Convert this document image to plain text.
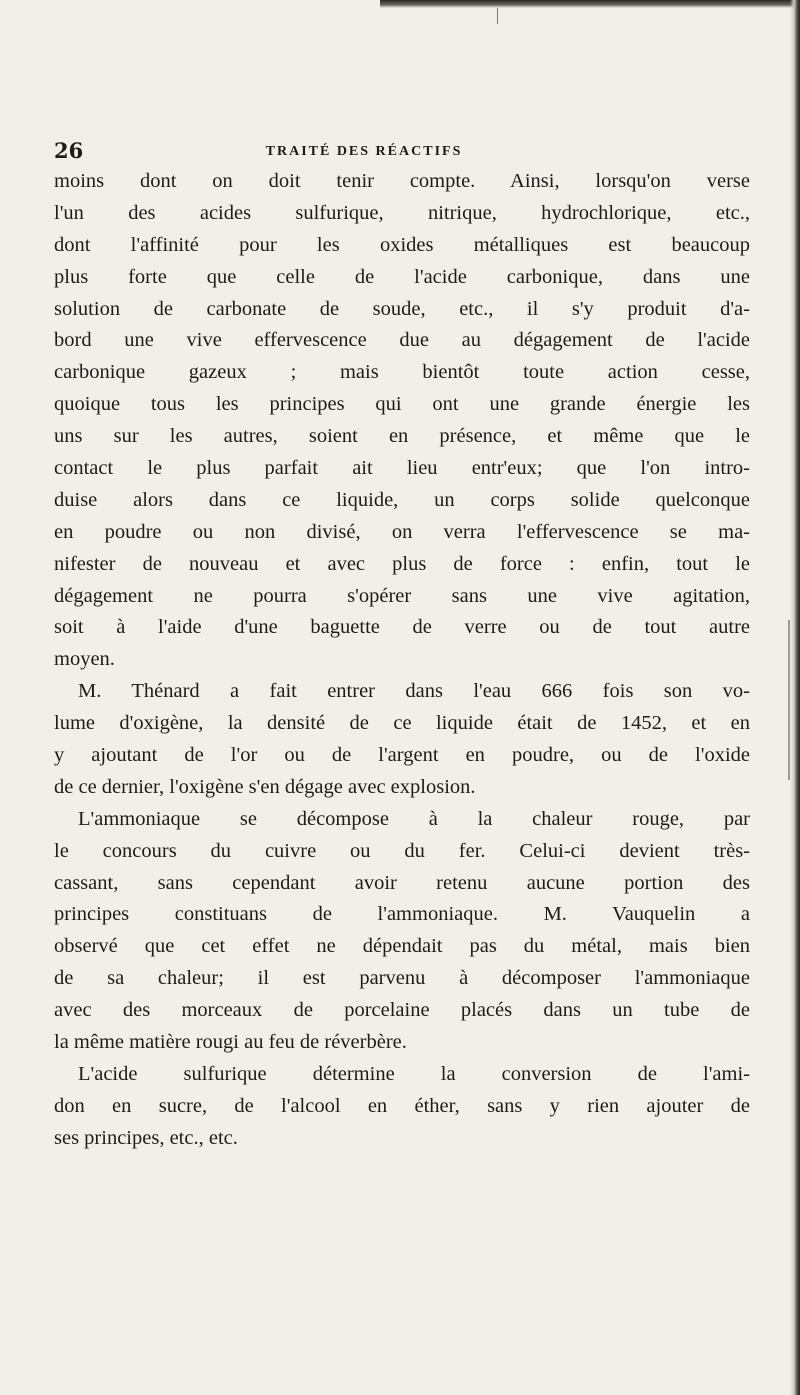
26	TRAITÉ DES RÉACTIFS
moins dont on doit tenir compte. Ainsi, lorsqu'on verse
l'un des acides sulfurique, nitrique, hydrochlorique, etc.,
dont l'affinité pour les oxides métalliques est beaucoup
plus forte que celle de l'acide carbonique, dans une
solution de carbonate de soude, etc., il s'y produit d'a-
bord une vive effervescence due au dégagement de l'acide
carbonique gazeux ; mais bientôt toute action cesse,
quoique tous les principes qui ont une grande énergie les
uns sur les autres, soient en présence, et même que le
contact le plus parfait ait lieu entr'eux; que l'on intro-
duise alors dans ce liquide, un corps solide quelconque
en poudre ou non divisé, on verra l'effervescence se ma-
nifester de nouveau et avec plus de force : enfin, tout le
dégagement ne pourra s'opérer sans une vive agitation,
soit à l'aide d'une baguette de verre ou de tout autre
moyen.
M. Thénard a fait entrer dans l'eau 666 fois son vo-
lume d'oxigène, la densité de ce liquide était de 1452, et en
y ajoutant de l'or ou de l'argent en poudre, ou de l'oxide
de ce dernier, l'oxigène s'en dégage avec explosion.
L'ammoniaque se décompose à la chaleur rouge, par
le concours du cuivre ou du fer. Celui-ci devient très-
cassant, sans cependant avoir retenu aucune portion des
principes constituans de l'ammoniaque. M. Vauquelin a
observé que cet effet ne dépendait pas du métal, mais bien
de sa chaleur; il est parvenu à décomposer l'ammoniaque
avec des morceaux de porcelaine placés dans un tube de
la même matière rougi au feu de réverbère.
L'acide sulfurique détermine la conversion de l'ami-
don en sucre, de l'alcool en éther, sans y rien ajouter de
ses principes, etc., etc.
